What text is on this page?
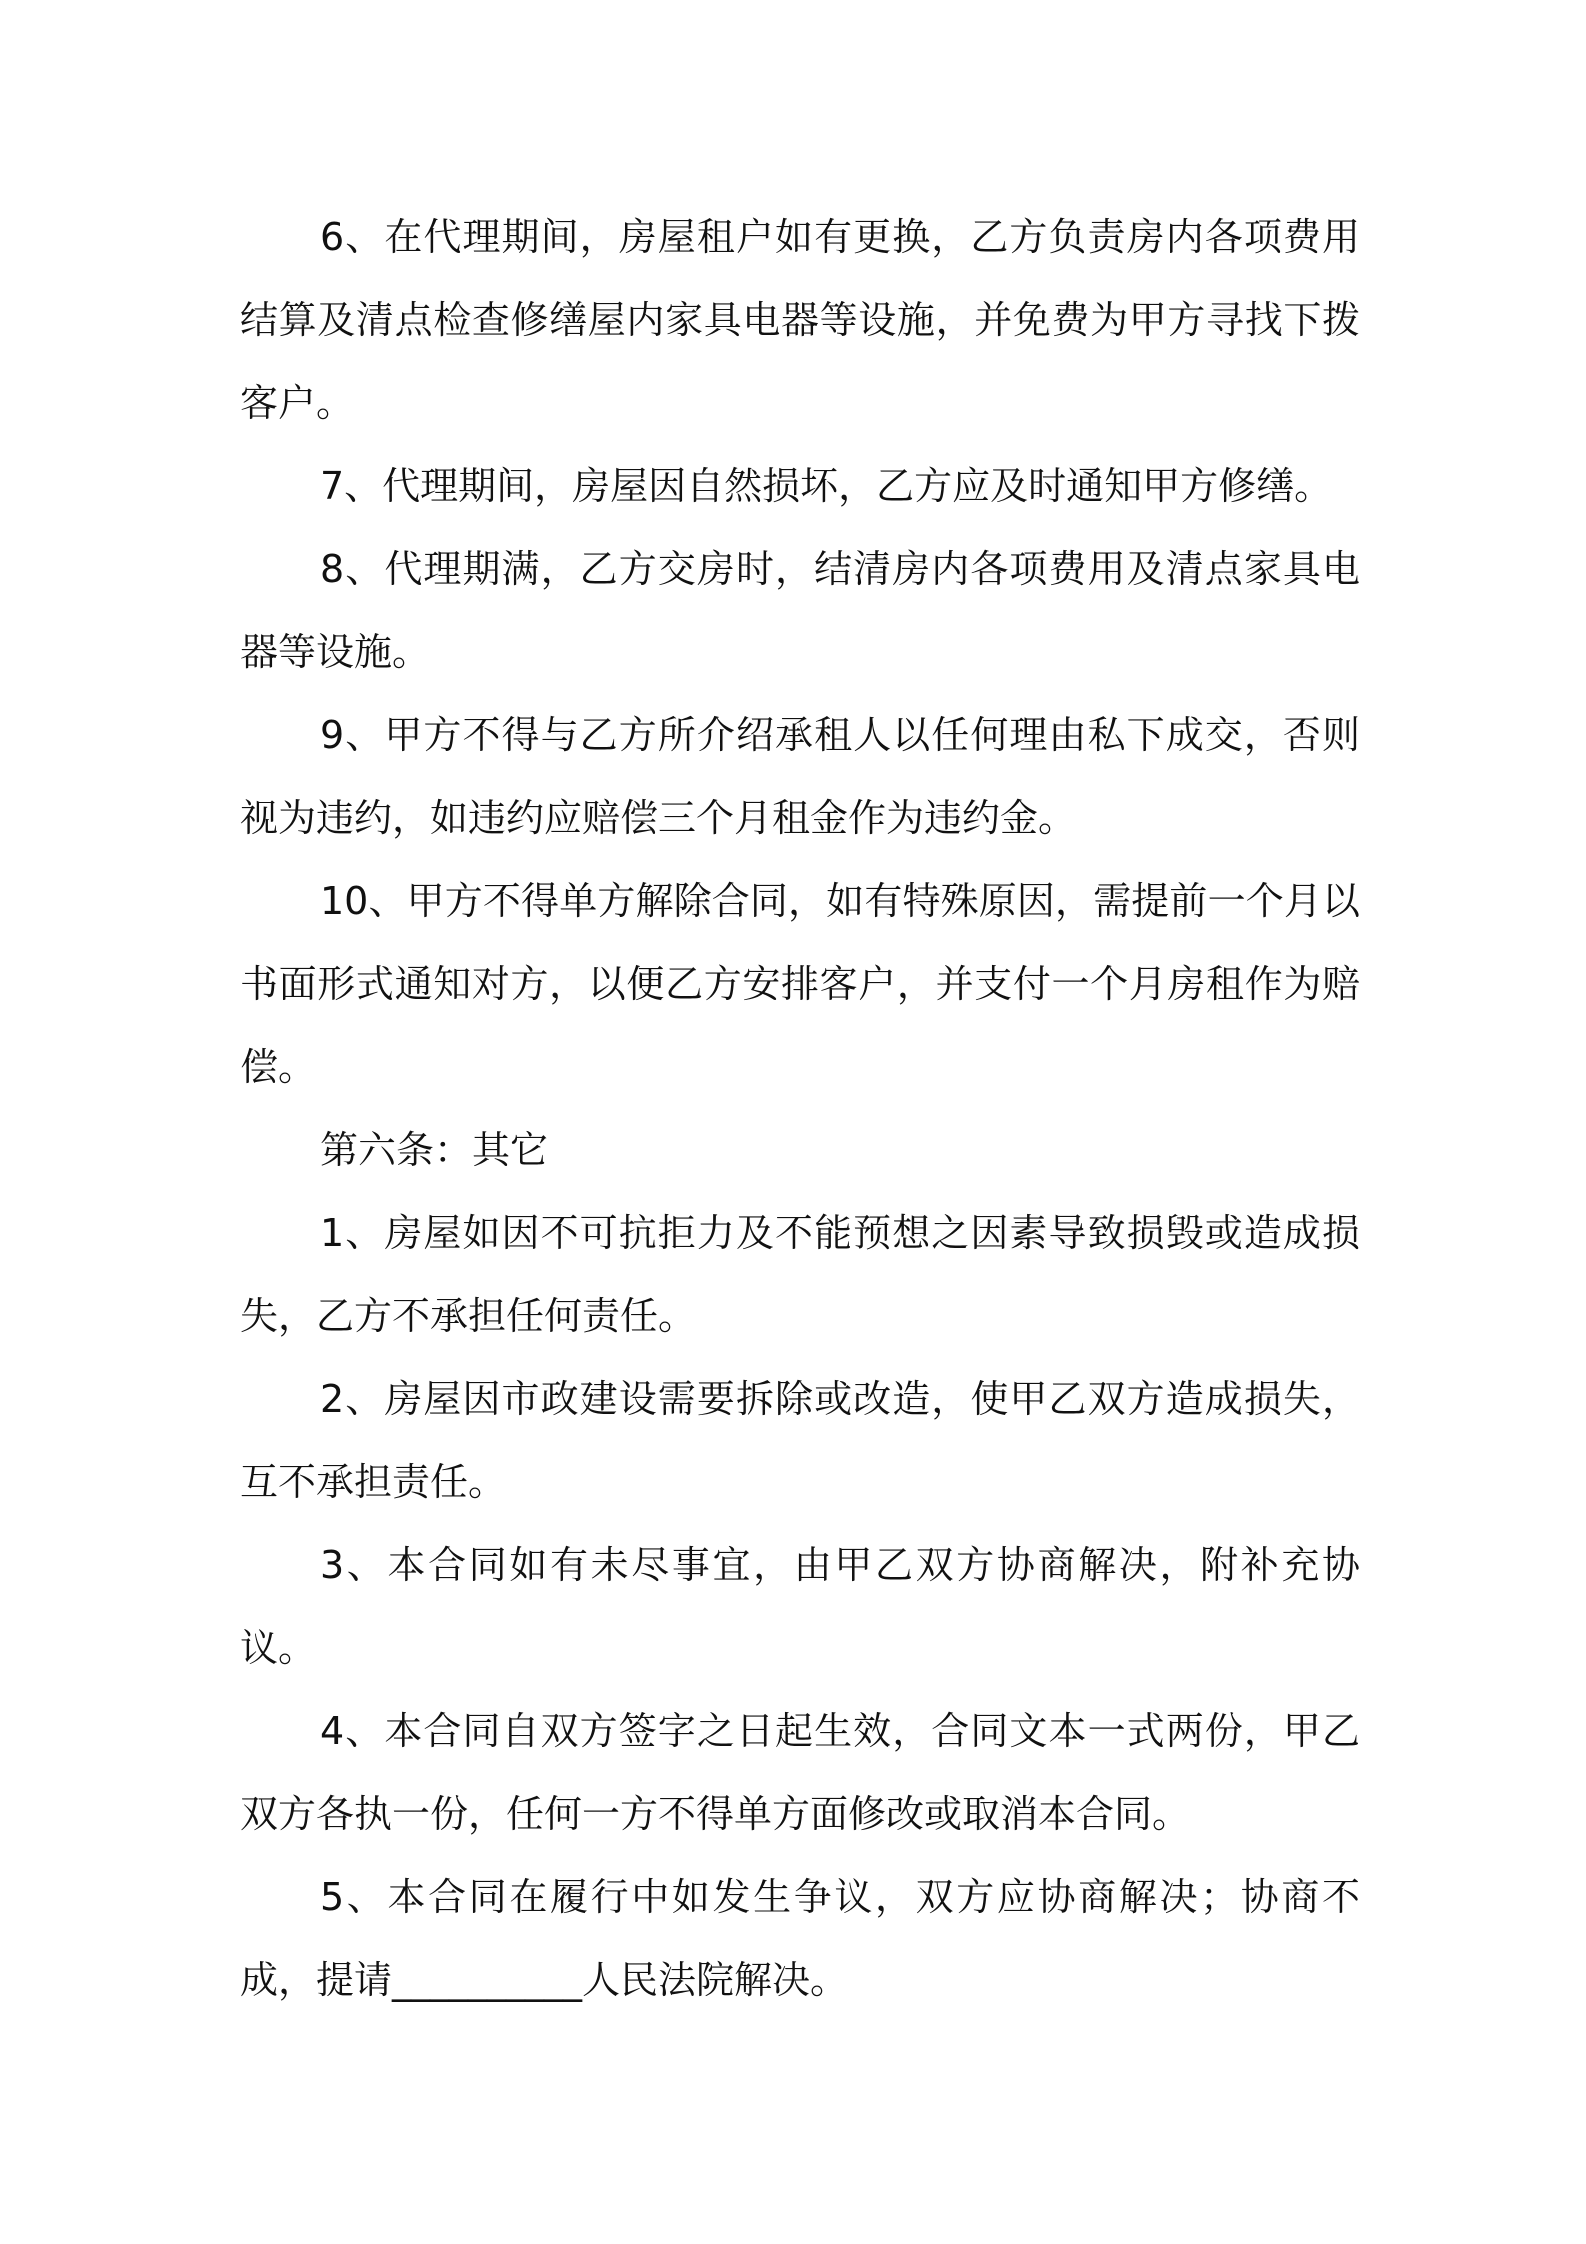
6、在代理期间，房屋租户如有更换，乙方负责房内各项费用结算及清点检查修缮屋内家具电器等设施，并免费为甲方寻找下拨客户。

7、代理期间，房屋因自然损坏，乙方应及时通知甲方修缮。

8、代理期满，乙方交房时，结清房内各项费用及清点家具电器等设施。

9、甲方不得与乙方所介绍承租人以任何理由私下成交，否则视为违约，如违约应赔偿三个月租金作为违约金。

10、甲方不得单方解除合同，如有特殊原因，需提前一个月以书面形式通知对方，以便乙方安排客户，并支付一个月房租作为赔偿。

第六条：其它

1、房屋如因不可抗拒力及不能预想之因素导致损毁或造成损失，乙方不承担任何责任。

2、房屋因市政建设需要拆除或改造，使甲乙双方造成损失，互不承担责任。

3、本合同如有未尽事宜，由甲乙双方协商解决，附补充协议。

4、本合同自双方签字之日起生效，合同文本一式两份，甲乙双方各执一份，任何一方不得单方面修改或取消本合同。

5、本合同在履行中如发生争议，双方应协商解决；协商不成，提请__________人民法院解决。
